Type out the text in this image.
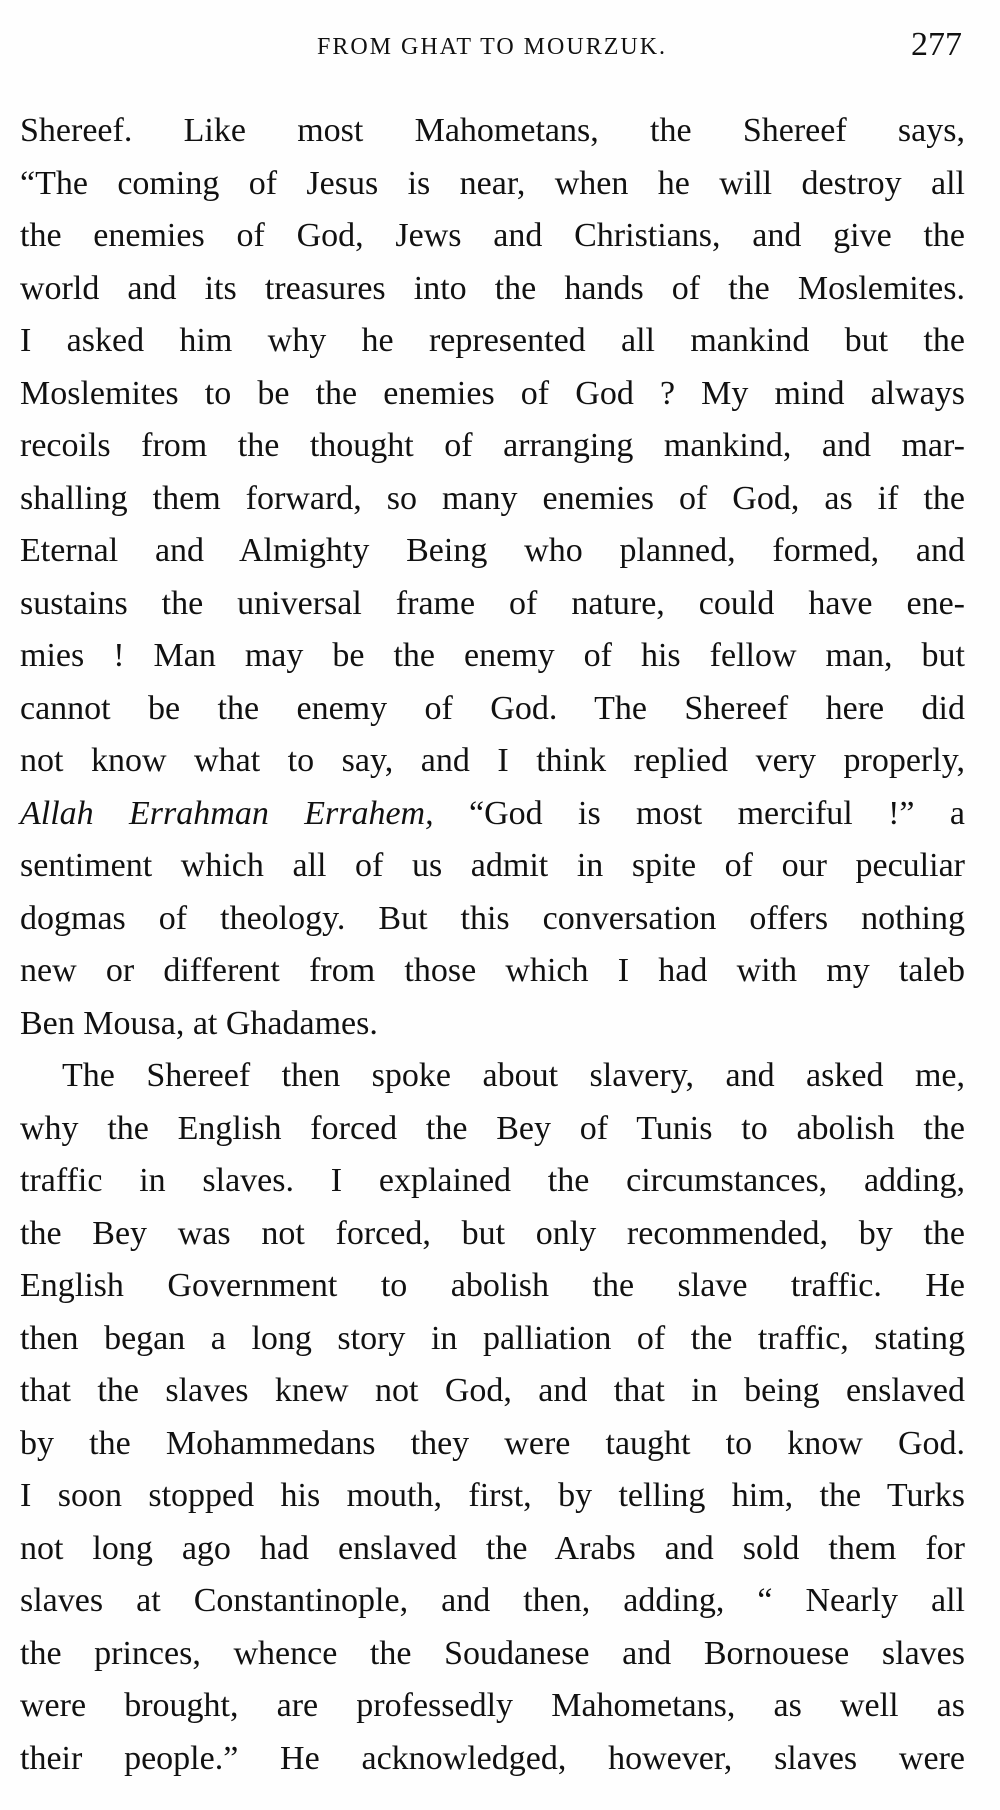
FROM GHAT TO MOURZUK.	277
Shereef. Like most Mahometans, the Shereef says,
“The coming of Jesus is near, when he will destroy all
the enemies of God, Jews and Christians, and give the
world and its treasures into the hands of the Moslemites.
I asked him why he represented all mankind but the
Moslemites to be the enemies of God ? My mind always
recoils from the thought of arranging mankind, and mar-
shalling them forward, so many enemies of God, as if the
Eternal and Almighty Being who planned, formed, and
sustains the universal frame of nature, could have ene-
mies ! Man may be the enemy of his fellow man, but
cannot be the enemy of God. The Shereef here did
not know what to say, and I think replied very properly,
Allah Errahman Errahem, “God is most merciful !” a
sentiment which all of us admit in spite of our peculiar
dogmas of theology. But this conversation offers nothing
new or different from those which I had with my taleb
Ben Mousa, at Ghadames.
The Shereef then spoke about slavery, and asked me,
why the English forced the Bey of Tunis to abolish the
traffic in slaves. I explained the circumstances, adding,
the Bey was not forced, but only recommended, by the
English Government to abolish the slave traffic. He
then began a long story in palliation of the traffic, stating
that the slaves knew not God, and that in being enslaved
by the Mohammedans they were taught to know God.
I soon stopped his mouth, first, by telling him, the Turks
not long ago had enslaved the Arabs and sold them for
slaves at Constantinople, and then, adding, “ Nearly all
the princes, whence the Soudanese and Bornouese slaves
were brought, are professedly Mahometans, as well as
their people.” He acknowledged, however, slaves were
